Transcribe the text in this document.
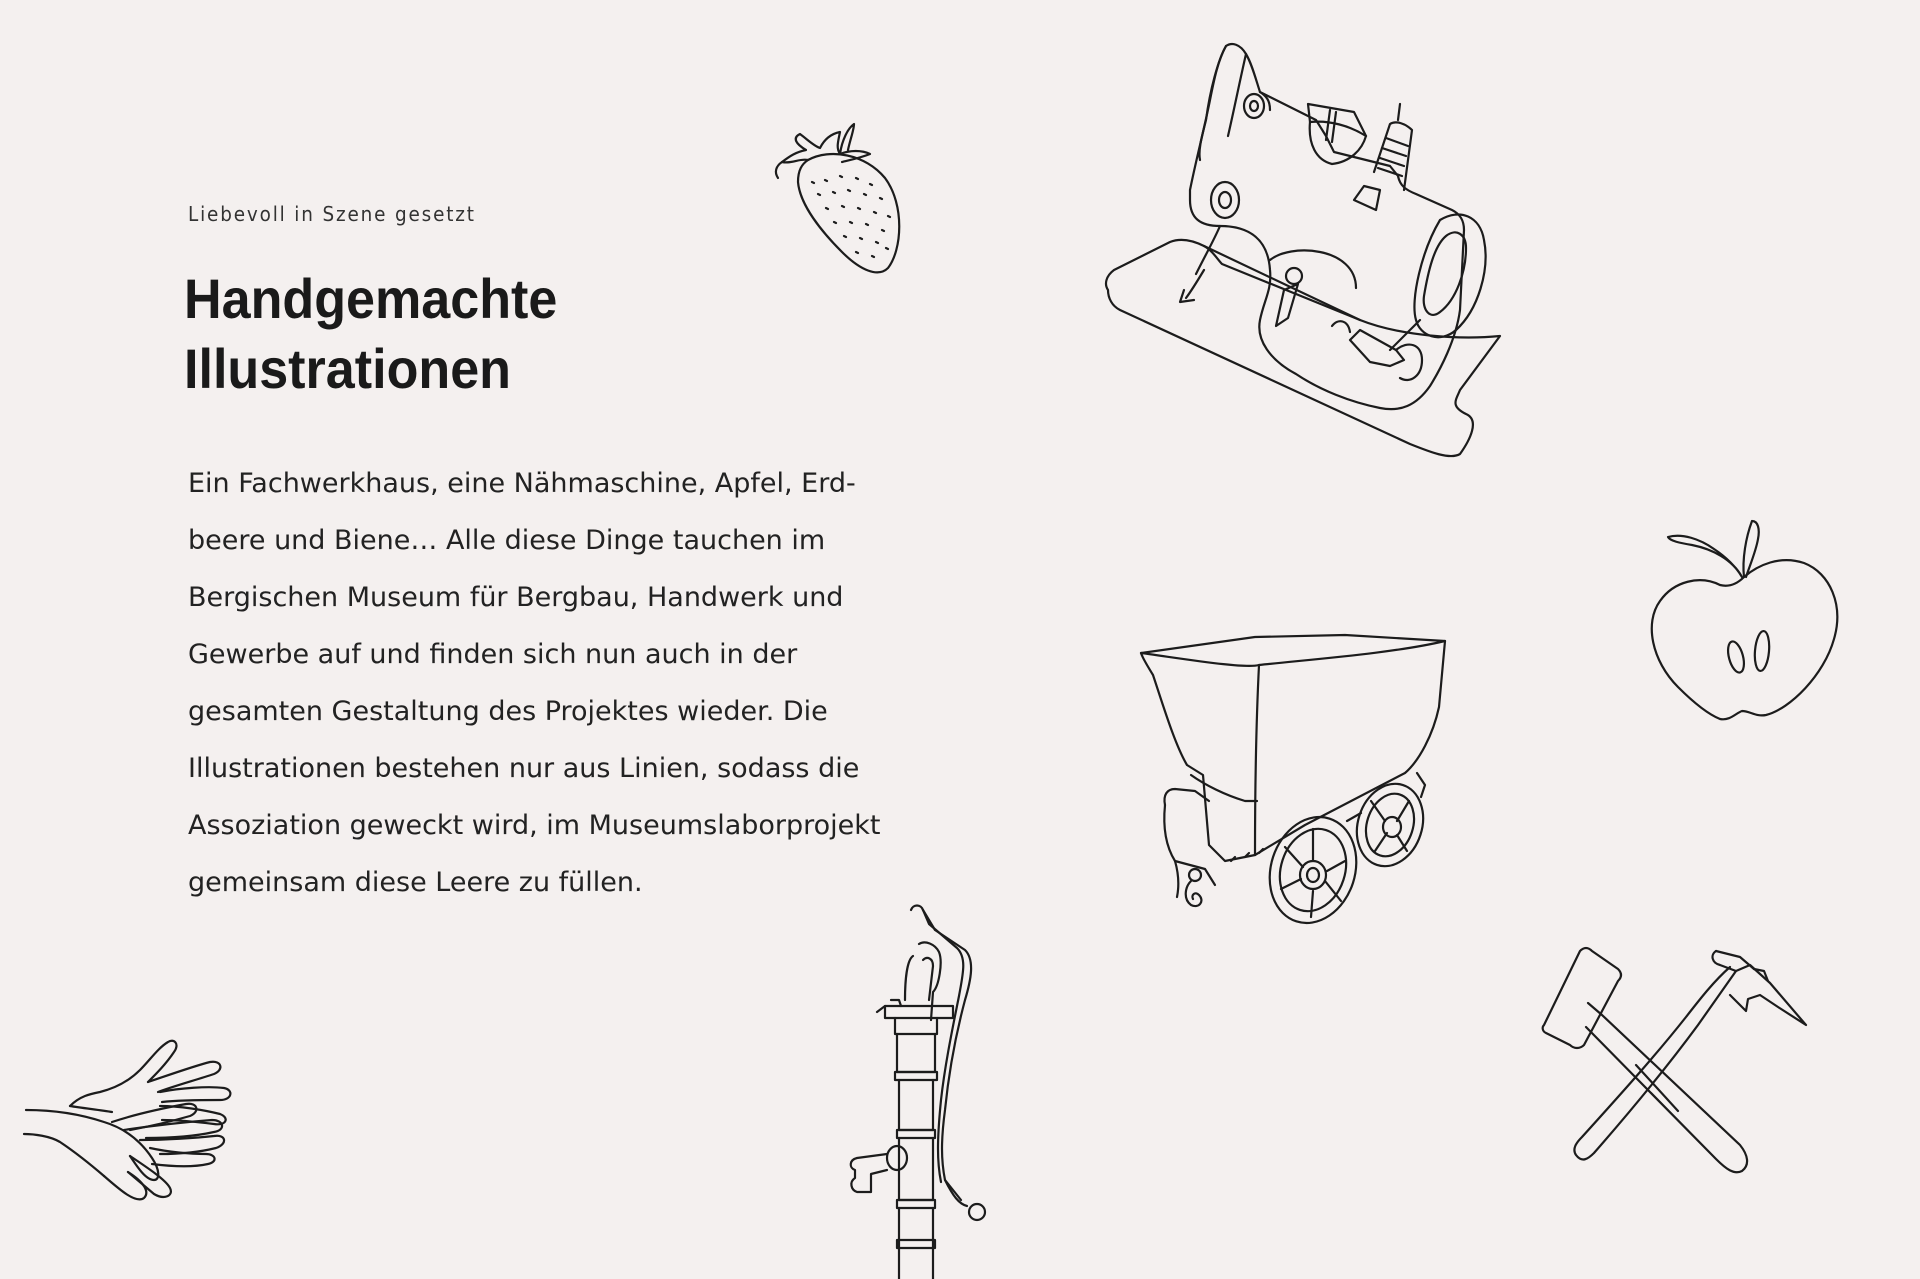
Liebevoll in Szene gesetzt
Handgemachte
Illustrationen
Ein Fachwerkhaus, eine Nähmaschine, Apfel, Erd-
beere und Biene… Alle diese Dinge tauchen im
Bergischen Museum für Bergbau, Handwerk und
Gewerbe auf und finden sich nun auch in der
gesamten Gestaltung des Projektes wieder. Die
Illustrationen bestehen nur aus Linien, sodass die
Assoziation geweckt wird, im Museumslaborprojekt
gemeinsam diese Leere zu füllen.
